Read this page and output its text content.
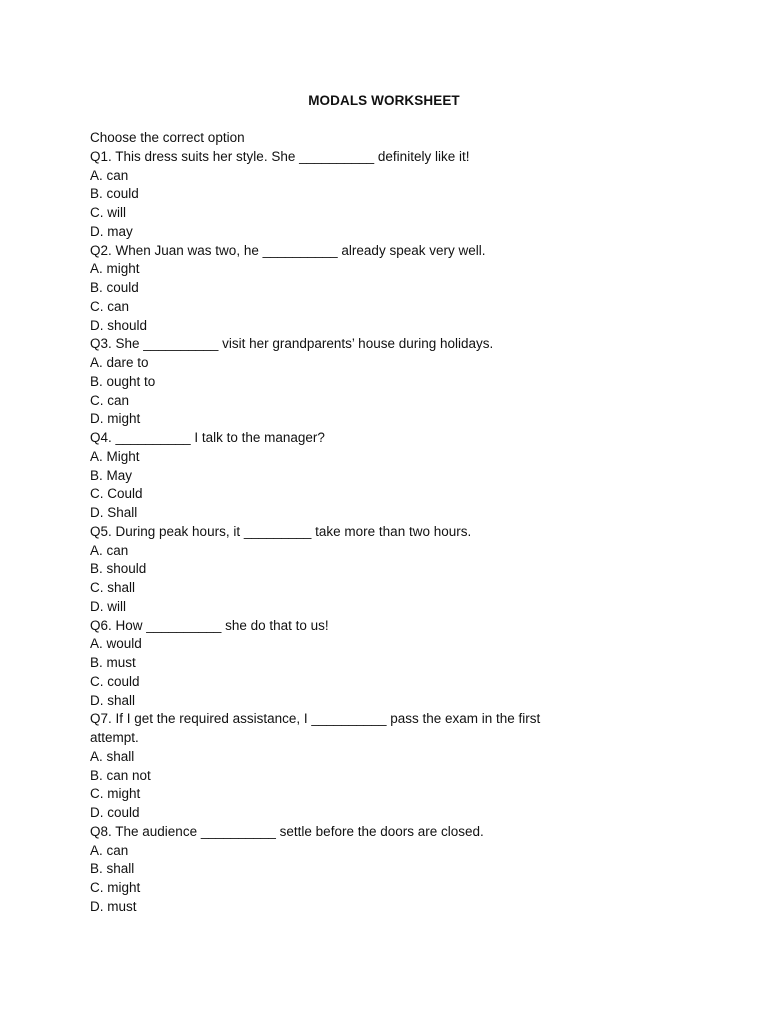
MODALS WORKSHEET
Choose the correct option
Q1. This dress suits her style. She __________ definitely like it!
A. can
B. could
C. will
D. may
Q2. When Juan was two, he __________ already speak very well.
A. might
B. could
C. can
D. should
Q3. She __________ visit her grandparents’ house during holidays.
A. dare to
B. ought to
C. can
D. might
Q4. __________ I talk to the manager?
A. Might
B. May
C. Could
D. Shall
Q5. During peak hours, it _________ take more than two hours.
A. can
B. should
C. shall
D. will
Q6. How __________ she do that to us!
A. would
B. must
C. could
D. shall
Q7. If I get the required assistance, I __________ pass the exam in the first attempt.
A. shall
B. can not
C. might
D. could
Q8. The audience __________ settle before the doors are closed.
A. can
B. shall
C. might
D. must
